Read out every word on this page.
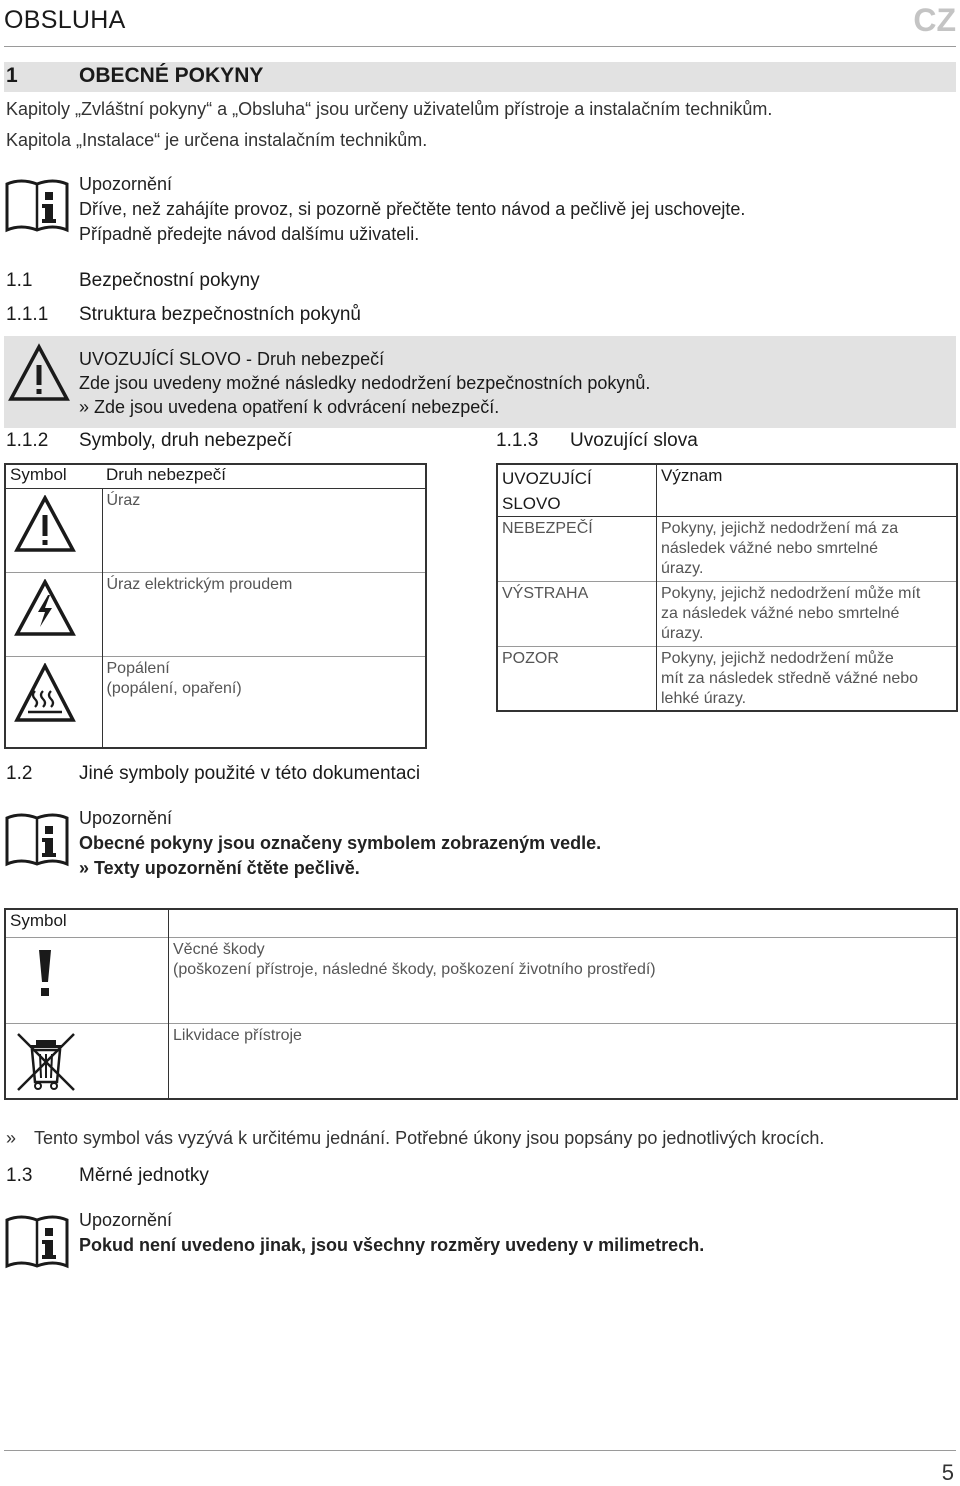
OBSLUHA	CZ
1	OBECNÉ POKYNY
Kapitoly „Zvláštní pokyny“ a „Obsluha“ jsou určeny uživatelům přístroje a instalačním technikům.
Kapitola „Instalace“ je určena instalačním technikům.
Upozornění
Dříve, než zahájíte provoz, si pozorně přečtěte tento návod a pečlivě jej uschovejte.
Případně předejte návod dalšímu uživateli.
1.1 Bezpečnostní pokyny
1.1.1 Struktura bezpečnostních pokynů
UVOZUJÍCÍ SLOVO - Druh nebezpečí
Zde jsou uvedeny možné následky nedodržení bezpečnostních pokynů.
» Zde jsou uvedena opatření k odvrácení nebezpečí.
1.1.2 Symboly, druh nebezpečí
Symbol	Druh nebezpečí

	Úraz

	Úraz elektrickým proudem

Popálení
(popálení, opaření)
1.1.3 Uvozující slova
UVOZUJÍCÍ
SLOVO	Význam
NEBEZPEČÍ	Pokyny, jejichž nedodržení má za
následek vážné nebo smrtelné
úrazy.

VÝSTRAHA	Pokyny, jejichž nedodržení může mít
za následek vážné nebo smrtelné
úrazy.

POZOR	Pokyny, jejichž nedodržení může
mít za následek středně vážné nebo
lehké úrazy.
1.2 Jiné symboly použité v této dokumentaci
Upozornění
Obecné pokyny jsou označeny symbolem zobrazeným vedle.
» Texty upozornění čtěte pečlivě.
Symbol	

Věcné škody
(poškození přístroje, následné škody, poškození životního prostředí)

	Likvidace přístroje
» Tento symbol vás vyzývá k určitému jednání. Potřebné úkony jsou popsány po jednotlivých krocích.
1.3 Měrné jednotky
Upozornění
Pokud není uvedeno jinak, jsou všechny rozměry uvedeny v milimetrech.
5
